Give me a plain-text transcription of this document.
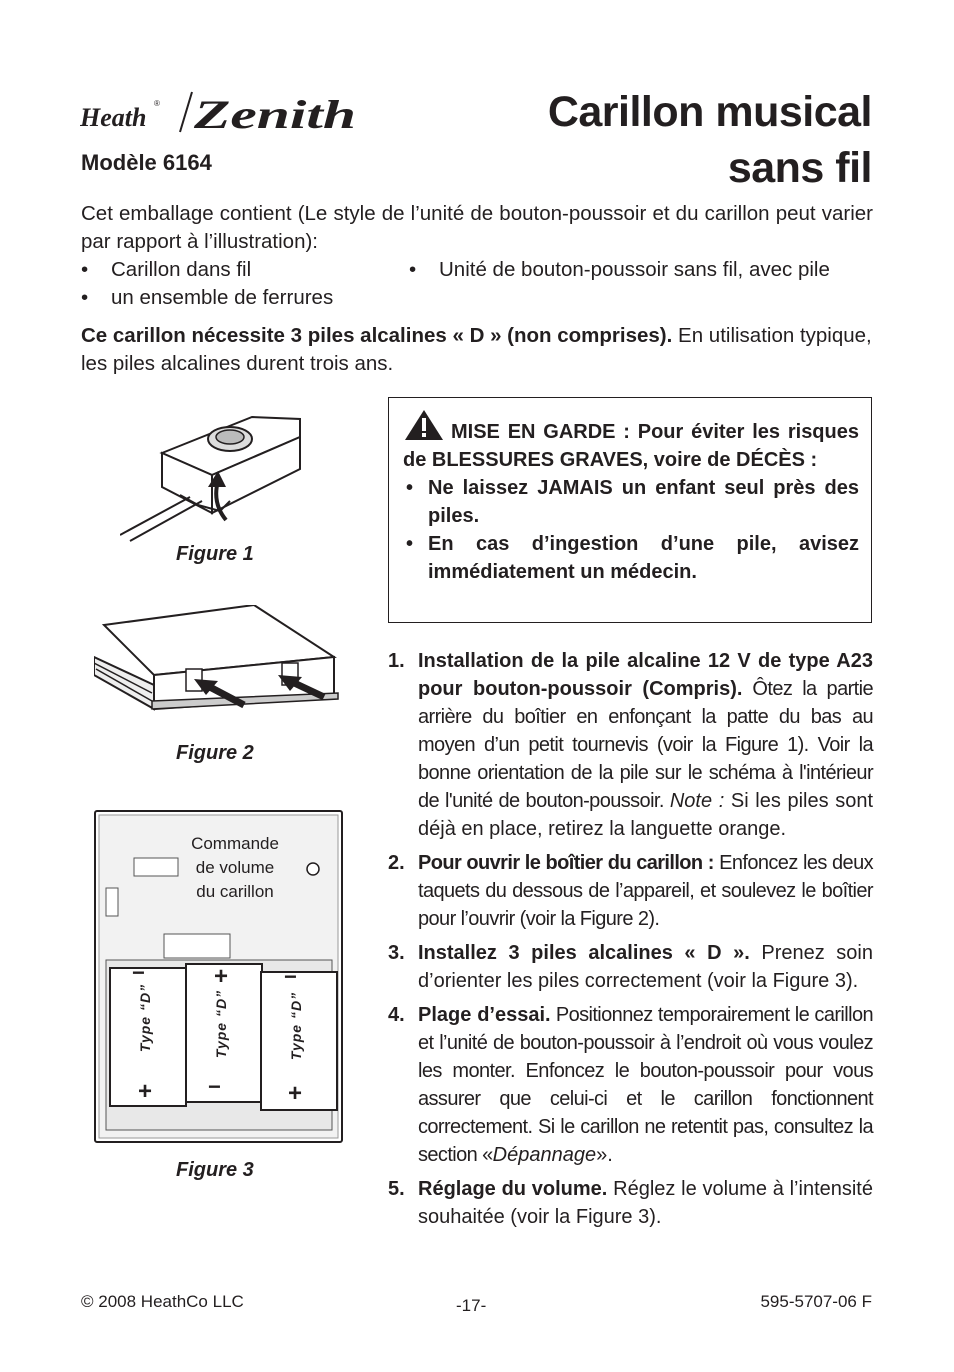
Heath ® Zenith	Carillon musical
sans fil
Modèle 6164
Cet emballage contient (Le style de l’unité de bouton-poussoir et du carillon peut varier par rapport à l’illustration):
• Carillon dans fil	• Unité de bouton-poussoir sans fil, avec pile
• un ensemble de ferrures
Ce carillon nécessite 3 piles alcalines « D » (non comprises). En utilisation typique, les piles alcalines durent trois ans.
Figure 1
Figure 2
Commande
de volume
du carillon
Type “D”	Type “D”	Type “D”
−
+
+
−
−
+
Figure 3
MISE EN GARDE : Pour éviter les risques de BLESSURES GRAVES, voire de DÉCÈS :
• Ne laissez JAMAIS un enfant seul près des piles.
• En cas d’ingestion d’une pile, avisez immédiatement un médecin.
1. Installation de la pile alcaline 12 V de type A23 pour bouton-poussoir (Compris). Ôtez la partie arrière du boîtier en enfonçant la patte du bas au moyen d’un petit tournevis (voir la Figure 1). Voir la bonne orientation de la pile sur le schéma à l'intérieur de l'unité de bouton-poussoir. Note : Si les piles sont déjà en place, retirez la languette orange.
2. Pour ouvrir le boîtier du carillon : Enfoncez les deux taquets du dessous de l’appareil, et soulevez le boîtier pour l’ouvrir (voir la Figure 2).
3. Installez 3 piles alcalines « D ». Prenez soin d’orienter les piles correctement (voir la Figure 3).
4. Plage d’essai. Positionnez temporairement le carillon et l’unité de bouton-poussoir à l’endroit où vous voulez les monter. Enfoncez le bouton-poussoir pour vous assurer que celui-ci et le carillon fonctionnent correctement. Si le carillon ne retentit pas, consultez la section «Dépannage».
5. Réglage du volume. Réglez le volume à l’intensité souhaitée (voir la Figure 3).
© 2008 HeathCo LLC	-17-	595-5707-06 F
